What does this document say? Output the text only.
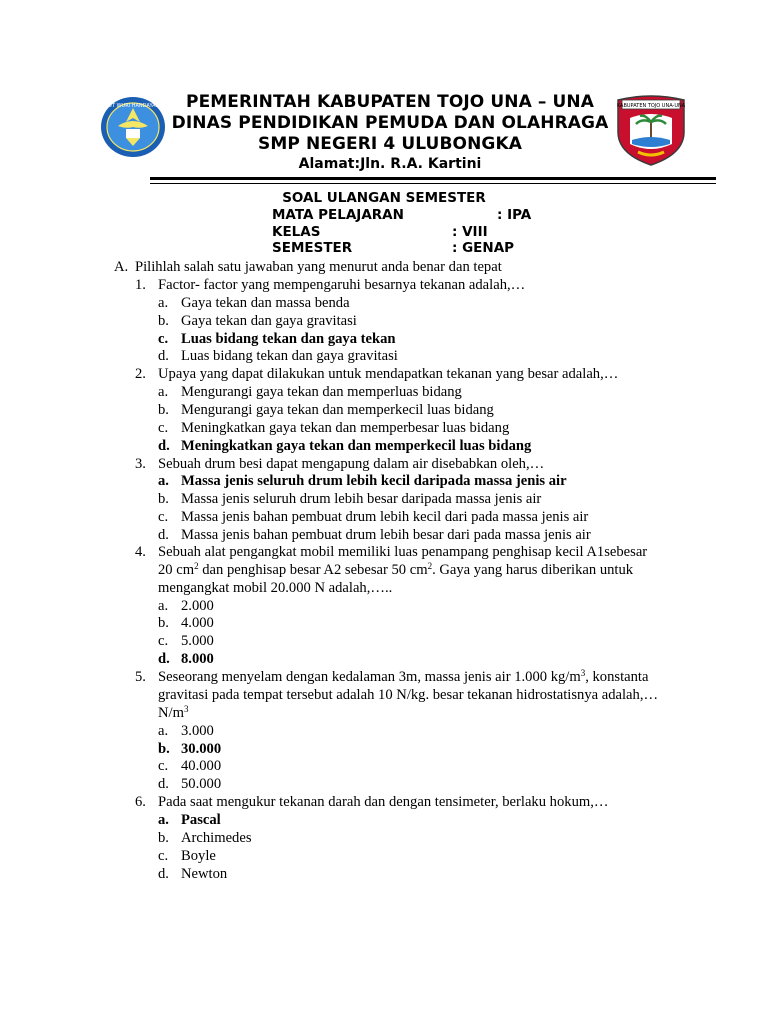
TUT WURI HANDAYANI	PEMERINTAH KABUPATEN TOJO UNA – UNA
DINAS PENDIDIKAN PEMUDA DAN OLAHRAGA
SMP NEGERI 4 ULUBONGKA
Alamat:Jln. R.A. Kartini
KABUPATEN TOJO UNA-UNA
SOAL ULANGAN SEMESTER
MATA PELAJARAN	: IPA
KELAS	: VIII
SEMESTER	: GENAP
A. Pilihlah salah satu jawaban yang menurut anda benar dan tepat
1. Factor- factor yang mempengaruhi besarnya tekanan adalah,…
a. Gaya tekan dan massa benda
b. Gaya tekan dan gaya gravitasi
c. Luas bidang tekan dan gaya tekan
d. Luas bidang tekan dan gaya gravitasi
2. Upaya yang dapat dilakukan untuk mendapatkan tekanan yang besar adalah,…
a. Mengurangi gaya tekan dan memperluas bidang
b. Mengurangi gaya tekan dan memperkecil luas bidang
c. Meningkatkan gaya tekan dan memperbesar luas bidang
d. Meningkatkan gaya tekan dan memperkecil luas bidang
3. Sebuah drum besi dapat mengapung dalam air disebabkan oleh,…
a. Massa jenis seluruh drum lebih kecil daripada massa jenis air
b. Massa jenis seluruh drum lebih besar daripada massa jenis air
c. Massa jenis bahan pembuat drum lebih kecil dari pada massa jenis air
d. Massa jenis bahan pembuat drum lebih besar dari pada massa jenis air
4. Sebuah alat pengangkat mobil memiliki luas penampang penghisap kecil A1sebesar
20 $cm^2$ dan penghisap besar A2 sebesar 50 $cm^2$. Gaya yang harus diberikan untuk
mengangkat mobil 20.000 N adalah,…..
a. 2.000
b. 4.000
c. 5.000
d. 8.000
5. Seseorang menyelam dengan kedalaman 3m, massa jenis air 1.000 $kg/m^3$, konstanta
gravitasi pada tempat tersebut adalah 10 N/kg. besar tekanan hidrostatisnya adalah,…
$N/m^3$
a. 3.000
b. 30.000
c. 40.000
d. 50.000
6. Pada saat mengukur tekanan darah dan dengan tensimeter, berlaku hokum,…
a. Pascal
b. Archimedes
c. Boyle
d. Newton
